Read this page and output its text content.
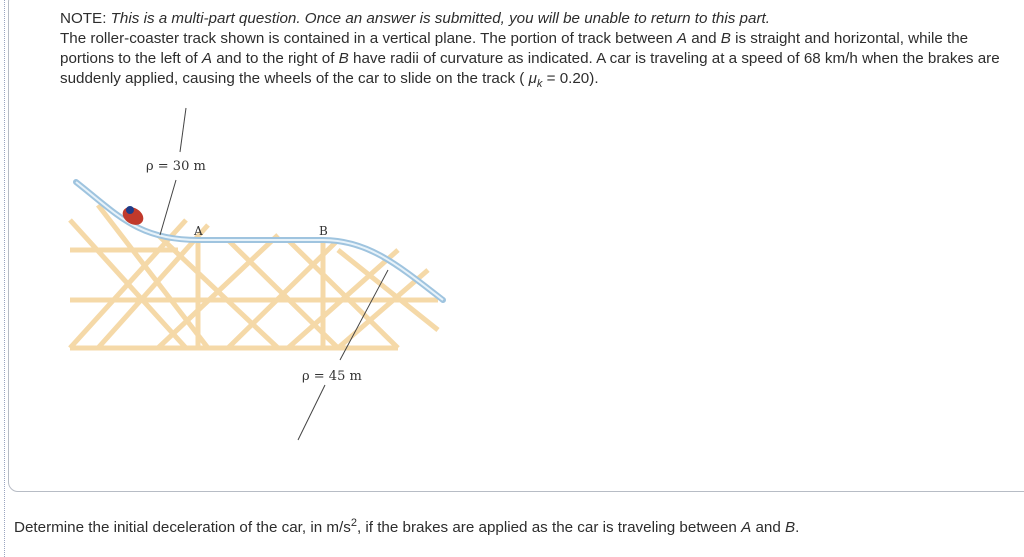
NOTE: This is a multi-part question. Once an answer is submitted, you will be unable to return to this part.

The roller-coaster track shown is contained in a vertical plane. The portion of track between A and B is straight and horizontal, while the portions to the left of A and to the right of B have radii of curvature as indicated. A car is traveling at a speed of 68 km/h when the brakes are suddenly applied, causing the wheels of the car to slide on the track ( $\mu_k = 0.20$).

ρ = 30 m
A	B
ρ = 45 m
Determine the initial deceleration of the car, in $m/s^2$, if the brakes are applied as the car is traveling between A and B.
